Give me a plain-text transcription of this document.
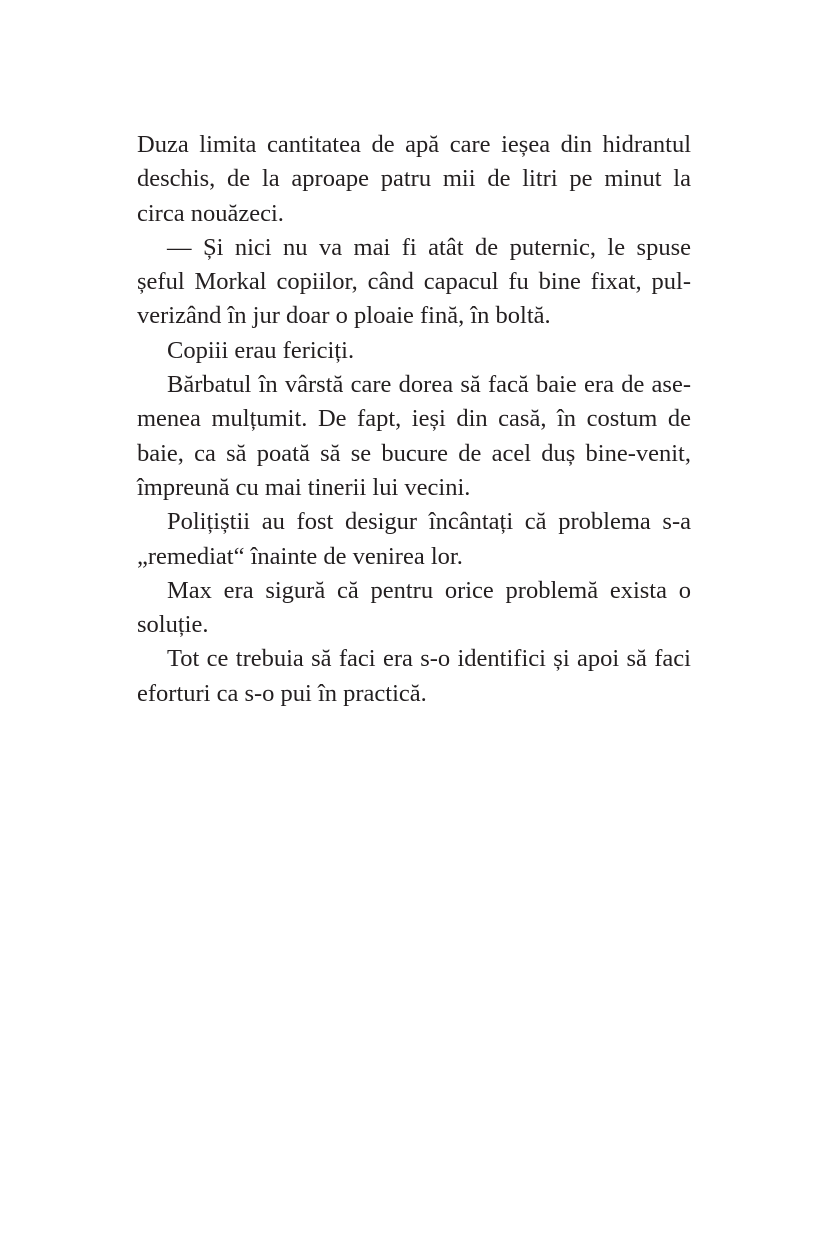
Duza limita cantitatea de apă care ieșea din hidrantul
deschis, de la aproape patru mii de litri pe minut la
circa nouăzeci.
— Și nici nu va mai fi atât de puternic, le spuse
șeful Morkal copiilor, când capacul fu bine fixat, pul-
verizând în jur doar o ploaie fină, în boltă.
Copiii erau fericiți.
Bărbatul în vârstă care dorea să facă baie era de ase-
menea mulțumit. De fapt, ieși din casă, în costum de
baie, ca să poată să se bucure de acel duș bine-venit,
împreună cu mai tinerii lui vecini.
Polițiștii au fost desigur încântați că problema s-a
„remediat“ înainte de venirea lor.
Max era sigură că pentru orice problemă exista o
soluție.
Tot ce trebuia să faci era s-o identifici și apoi să faci
eforturi ca s-o pui în practică.
